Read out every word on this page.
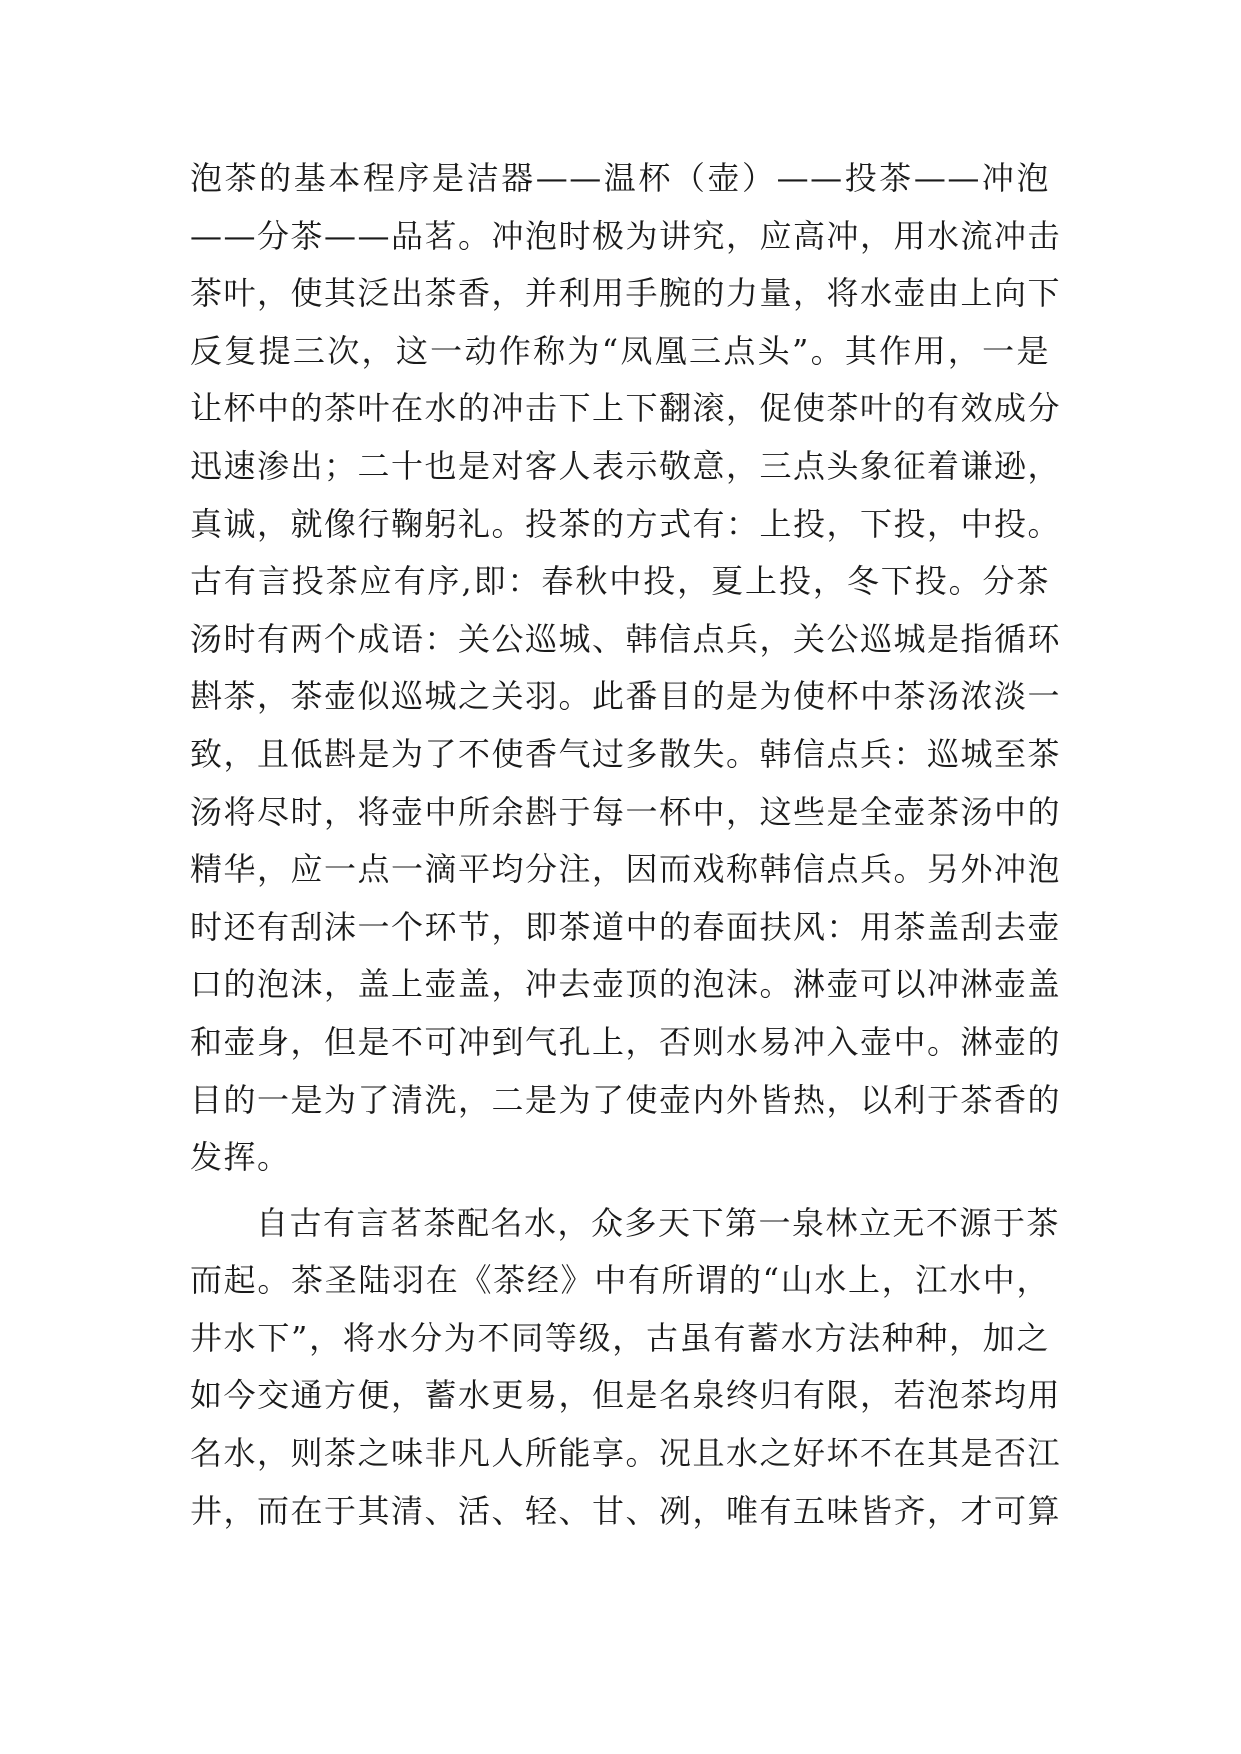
泡茶的基本程序是洁器——温杯（壶）——投茶——冲泡
——分茶——品茗。冲泡时极为讲究，应高冲，用水流冲击
茶叶，使其泛出茶香，并利用手腕的力量，将水壶由上向下
反复提三次，这一动作称为“凤凰三点头”。其作用，一是
让杯中的茶叶在水的冲击下上下翻滚，促使茶叶的有效成分
迅速渗出；二十也是对客人表示敬意，三点头象征着谦逊，
真诚，就像行鞠躬礼。投茶的方式有：上投，下投，中投。
古有言投茶应有序,即：春秋中投，夏上投，冬下投。分茶
汤时有两个成语：关公巡城、韩信点兵，关公巡城是指循环
斟茶，茶壶似巡城之关羽。此番目的是为使杯中茶汤浓淡一
致，且低斟是为了不使香气过多散失。韩信点兵：巡城至茶
汤将尽时，将壶中所余斟于每一杯中，这些是全壶茶汤中的
精华，应一点一滴平均分注，因而戏称韩信点兵。另外冲泡
时还有刮沫一个环节，即茶道中的春面扶风：用茶盖刮去壶
口的泡沫，盖上壶盖，冲去壶顶的泡沫。淋壶可以冲淋壶盖
和壶身，但是不可冲到气孔上，否则水易冲入壶中。淋壶的
目的一是为了清洗，二是为了使壶内外皆热，以利于茶香的
发挥。
自古有言茗茶配名水，众多天下第一泉林立无不源于茶
而起。茶圣陆羽在《茶经》中有所谓的“山水上，江水中，
井水下”，将水分为不同等级，古虽有蓄水方法种种，加之
如今交通方便，蓄水更易，但是名泉终归有限，若泡茶均用
名水，则茶之味非凡人所能享。况且水之好坏不在其是否江
井，而在于其清、活、轻、甘、冽，唯有五味皆齐，才可算
